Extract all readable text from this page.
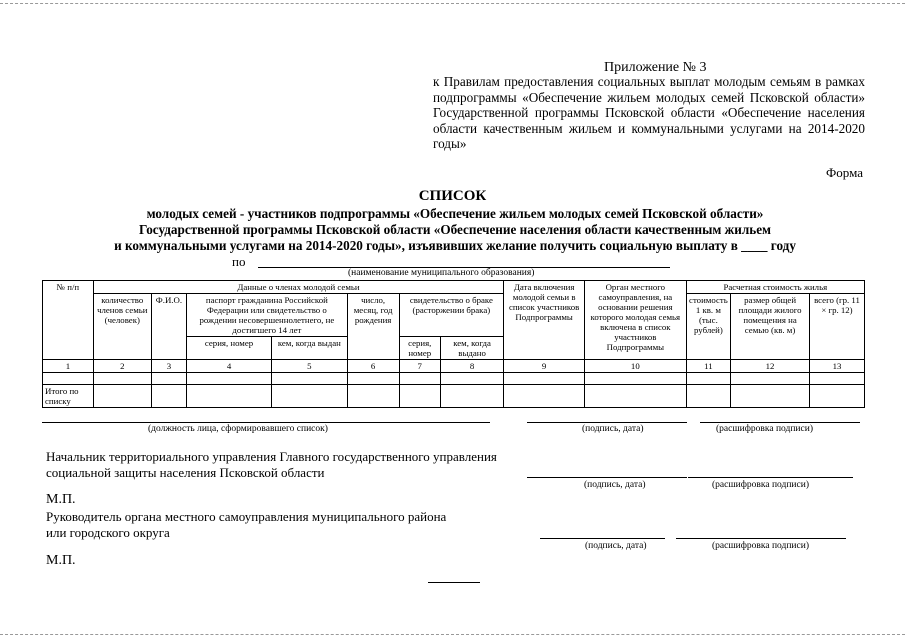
Приложение № 3
к Правилам предоставления социальных выплат молодым семьям в рамках подпрограммы «Обеспечение жильем молодых семей Псковской области» Государственной программы Псковской области «Обеспечение населения области качественным жильем и коммунальными услугами на 2014-2020 годы»
Форма
СПИСОК
молодых семей - участников подпрограммы «Обеспечение жильем молодых семей Псковской области»
Государственной программы Псковской области «Обеспечение населения области качественным жильем
и коммунальными услугами на 2014-2020 годы», изъявивших желание получить социальную выплату в ____ году
по
(наименование муниципального образования)
№ п/п	Данные о членах молодой семьи							Дата включения молодой семьи в список участников Подпрограммы	Орган местного самоуправления, на основании решения которого молодая семья включена в список участников Подпрограммы	Расчетная стоимость жилья		
	количество членов семьи (человек)	Ф.И.О.	паспорт гражданина Российской Федерации или свидетельство о рождении несовершеннолетнего, не достигшего 14 лет		число, месяц, год рождения	свидетельство о браке (расторжении брака)				стоимость 1 кв. м (тыс. рублей)	размер общей площади жилого помещения на семью (кв. м)	всего (гр. 11 × гр. 12)
			серия, номер	кем, когда выдан		серия, номер	кем, когда выдано					
1	2	3	4	5	6	7	8	9	10	11	12	13

Итого по списку												
(должность лица, сформировавшего список)	(подпись, дата)	(расшифровка подписи)
Начальник территориального управления Главного государственного управления
социальной защиты населения Псковской области
(подпись, дата)	(расшифровка подписи)
М.П.
Руководитель органа местного самоуправления муниципального района
или городского округа
(подпись, дата)	(расшифровка подписи)
М.П.
